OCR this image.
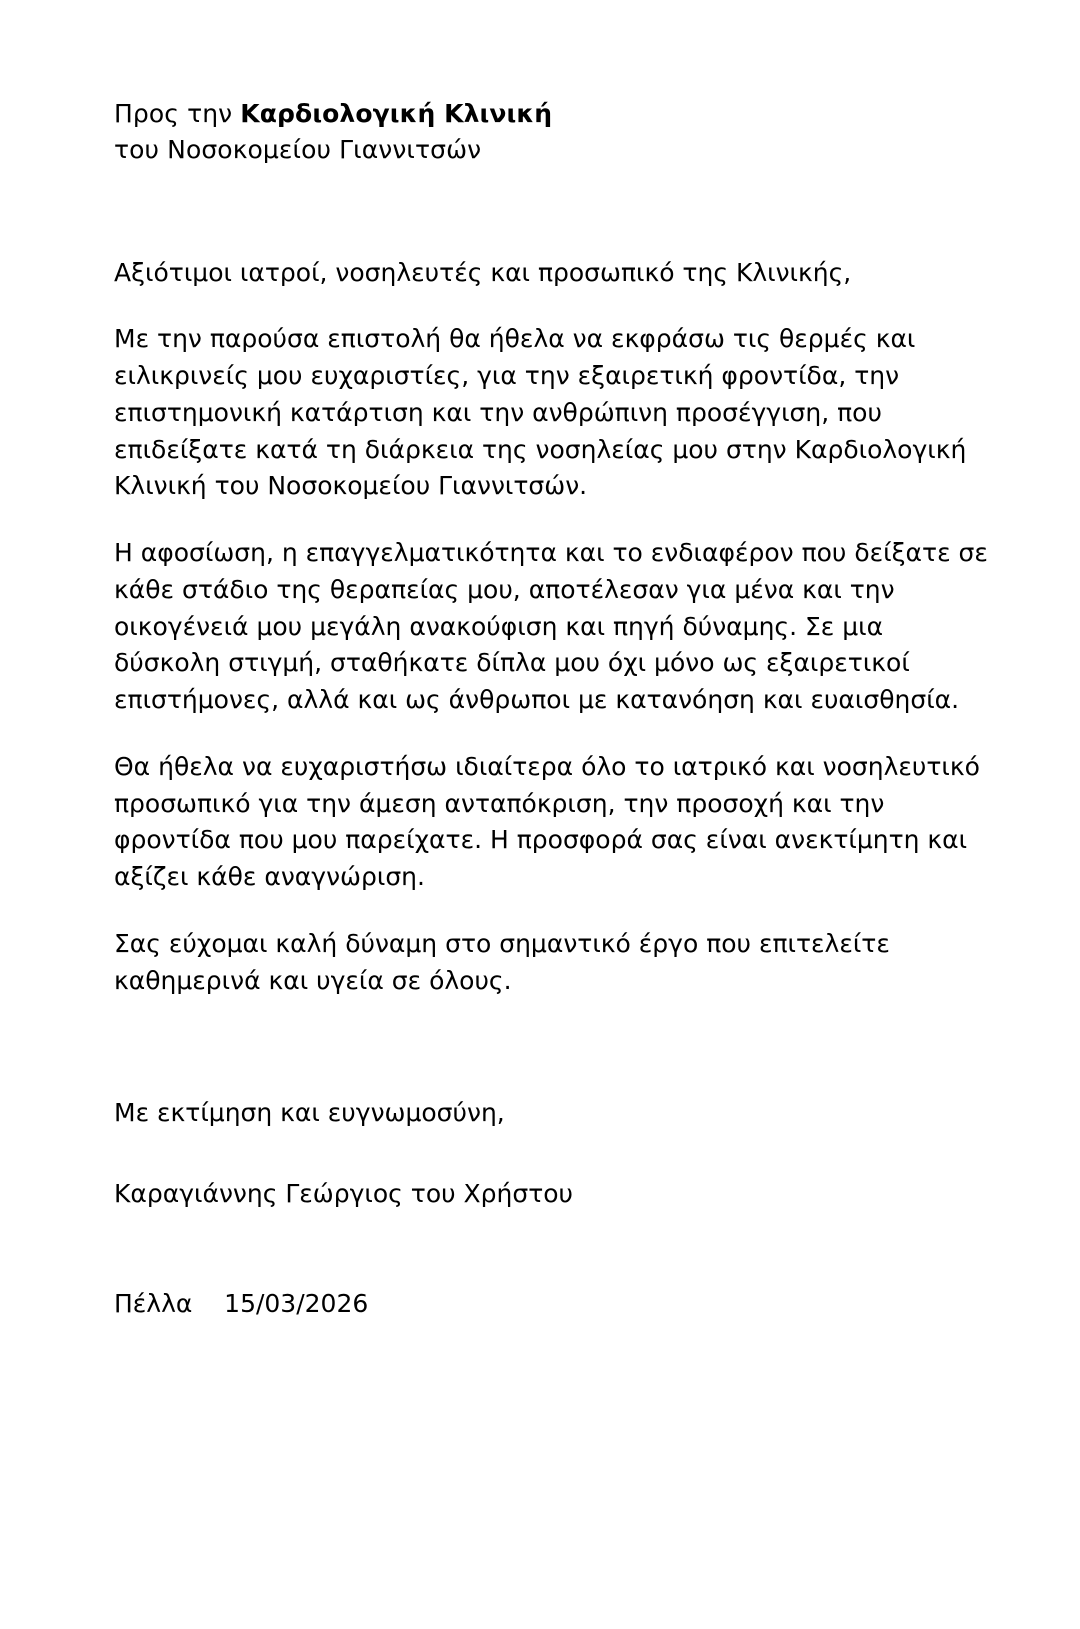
Προς την Καρδιολογική Κλινική
του Νοσοκομείου Γιαννιτσών

Αξιότιμοι ιατροί, νοσηλευτές και προσωπικό της Κλινικής,

Με την παρούσα επιστολή θα ήθελα να εκφράσω τις θερμές και ειλικρινείς μου ευχαριστίες, για την εξαιρετική φροντίδα, την επιστημονική κατάρτιση και την ανθρώπινη προσέγγιση, που επιδείξατε κατά τη διάρκεια της νοσηλείας μου στην Καρδιολογική Κλινική του Νοσοκομείου Γιαννιτσών.

Η αφοσίωση, η επαγγελματικότητα και το ενδιαφέρον που δείξατε σε κάθε στάδιο της θεραπείας μου, αποτέλεσαν για μένα και την οικογένειά μου μεγάλη ανακούφιση και πηγή δύναμης. Σε μια δύσκολη στιγμή, σταθήκατε δίπλα μου όχι μόνο ως εξαιρετικοί επιστήμονες, αλλά και ως άνθρωποι με κατανόηση και ευαισθησία.

Θα ήθελα να ευχαριστήσω ιδιαίτερα όλο το ιατρικό και νοσηλευτικό προσωπικό για την άμεση ανταπόκριση, την προσοχή και την φροντίδα που μου παρείχατε. Η προσφορά σας είναι ανεκτίμητη και αξίζει κάθε αναγνώριση.

Σας εύχομαι καλή δύναμη στο σημαντικό έργο που επιτελείτε καθημερινά και υγεία σε όλους.

Με εκτίμηση και ευγνωμοσύνη,

Καραγιάννης Γεώργιος του Χρήστου

Πέλλα    15/03/2026
